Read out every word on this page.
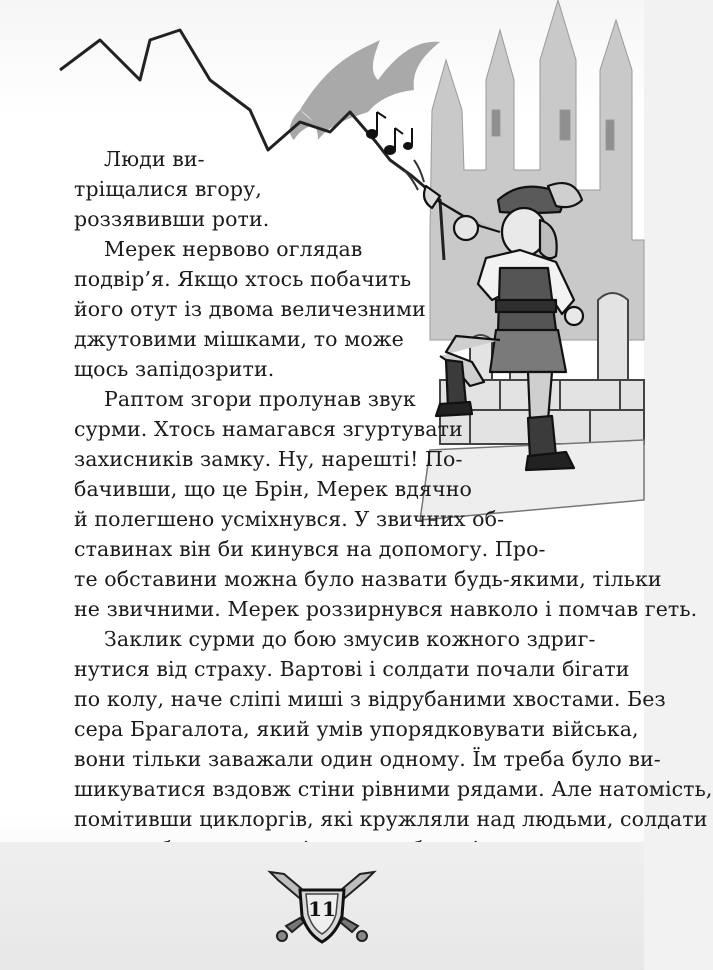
Люди ви-
тріщалися вгору,
роззявивши роти.
Мерек нервово оглядав
подвір’я. Якщо хтось побачить
його отут із двома величезними
джутовими мішками, то може
щось запідозрити.
Раптом згори пролунав звук
сурми. Хтось намагався згуртувати
захисників замку. Ну, нарешті! По-
бачивши, що це Брін, Мерек вдячно
й полегшено усміхнувся. У звичних об-
ставинах він би кинувся на допомогу. Про-
те обставини можна було назвати будь-якими, тільки
не звичними. Мерек роззирнувся навколо і помчав геть.
Заклик сурми до бою змусив кожного здриг-
нутися від страху. Вартові і солдати почали бігати
по колу, наче сліпі миші з відрубаними хвостами. Без
сера Брагалота, який умів упорядковувати війська,
вони тільки заважали один одному. Їм треба було ви-
шикуватися вздовж стіни рівними рядами. Але натомість,
помітивши циклоргів, які кружляли над людьми, солдати
11
